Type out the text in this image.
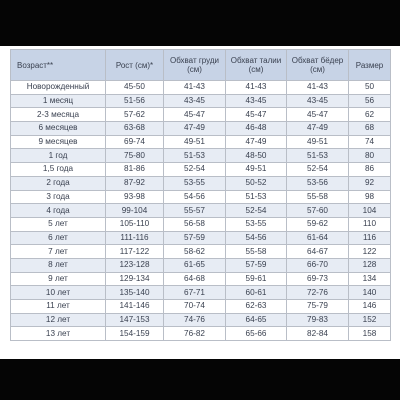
Возраст**	Рост (см)*	Обхват груди (см)	Обхват талии (см)	Обхват бёдер (см)	Размер
Новорожденный	45-50	41-43	41-43	41-43	50
1 месяц	51-56	43-45	43-45	43-45	56
2-3 месяца	57-62	45-47	45-47	45-47	62
6 месяцев	63-68	47-49	46-48	47-49	68
9 месяцев	69-74	49-51	47-49	49-51	74
1 год	75-80	51-53	48-50	51-53	80
1,5 года	81-86	52-54	49-51	52-54	86
2 года	87-92	53-55	50-52	53-56	92
3 года	93-98	54-56	51-53	55-58	98
4 года	99-104	55-57	52-54	57-60	104
5 лет	105-110	56-58	53-55	59-62	110
6 лет	111-116	57-59	54-56	61-64	116
7 лет	117-122	58-62	55-58	64-67	122
8 лет	123-128	61-65	57-59	66-70	128
9 лет	129-134	64-68	59-61	69-73	134
10 лет	135-140	67-71	60-61	72-76	140
11 лет	141-146	70-74	62-63	75-79	146
12 лет	147-153	74-76	64-65	79-83	152
13 лет	154-159	76-82	65-66	82-84	158
